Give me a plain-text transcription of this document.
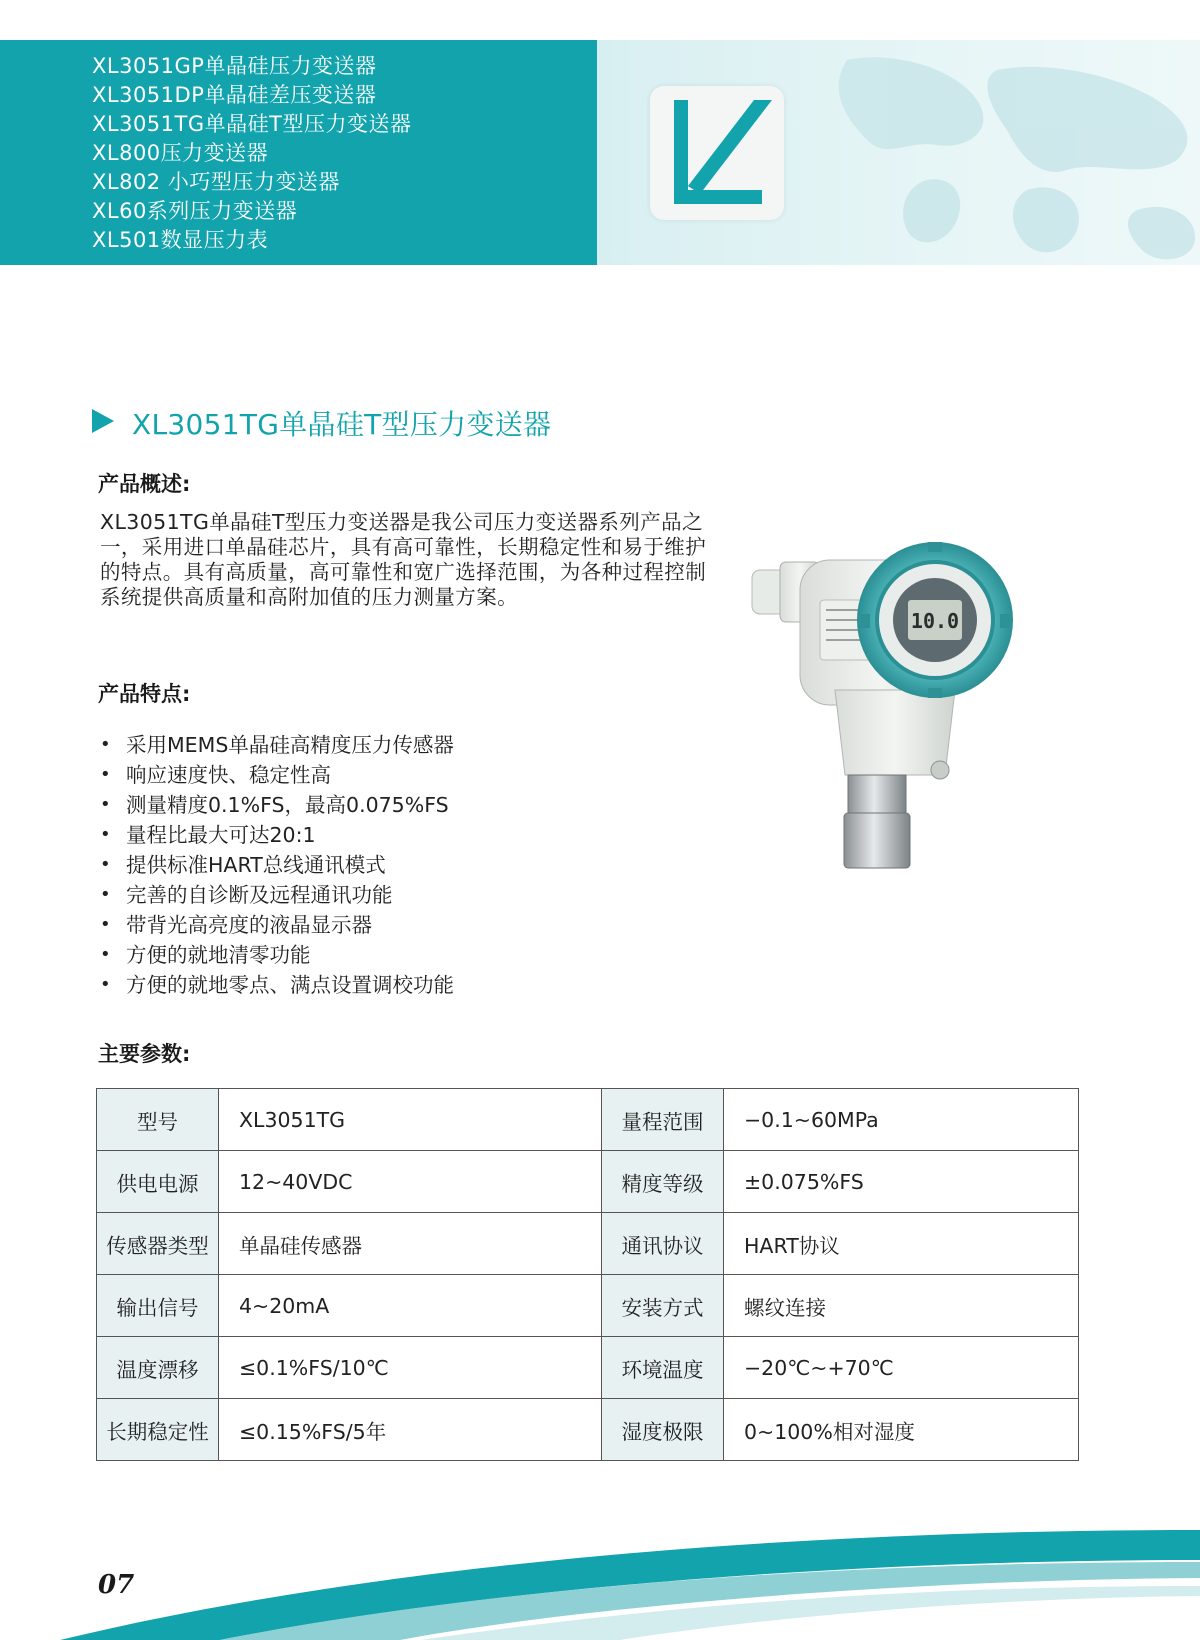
XL3051GP单晶硅压力变送器
XL3051DP单晶硅差压变送器
XL3051TG单晶硅T型压力变送器
XL800压力变送器
XL802 小巧型压力变送器
XL60系列压力变送器
XL501数显压力表
XL3051TG单晶硅T型压力变送器
产品概述:
XL3051TG单晶硅T型压力变送器是我公司压力变送器系列产品之一，采用进口单晶硅芯片，具有高可靠性，长期稳定性和易于维护的特点。具有高质量，高可靠性和宽广选择范围，为各种过程控制系统提供高质量和高附加值的压力测量方案。
产品特点:
• 采用MEMS单晶硅高精度压力传感器
• 响应速度快、稳定性高
• 测量精度0.1%FS，最高0.075%FS
• 量程比最大可达20:1
• 提供标准HART总线通讯模式
• 完善的自诊断及远程通讯功能
• 带背光高亮度的液晶显示器
• 方便的就地清零功能
• 方便的就地零点、满点设置调校功能
10.0
主要参数:
型号	XL3051TG	量程范围	−0.1~60MPa
供电电源	12~40VDC	精度等级	±0.075%FS
传感器类型	单晶硅传感器	通讯协议	HART协议
输出信号	4~20mA	安装方式	螺纹连接
温度漂移	≤0.1%FS/10℃	环境温度	−20℃~+70℃
长期稳定性	≤0.15%FS/5年	湿度极限	0~100%相对湿度
07
